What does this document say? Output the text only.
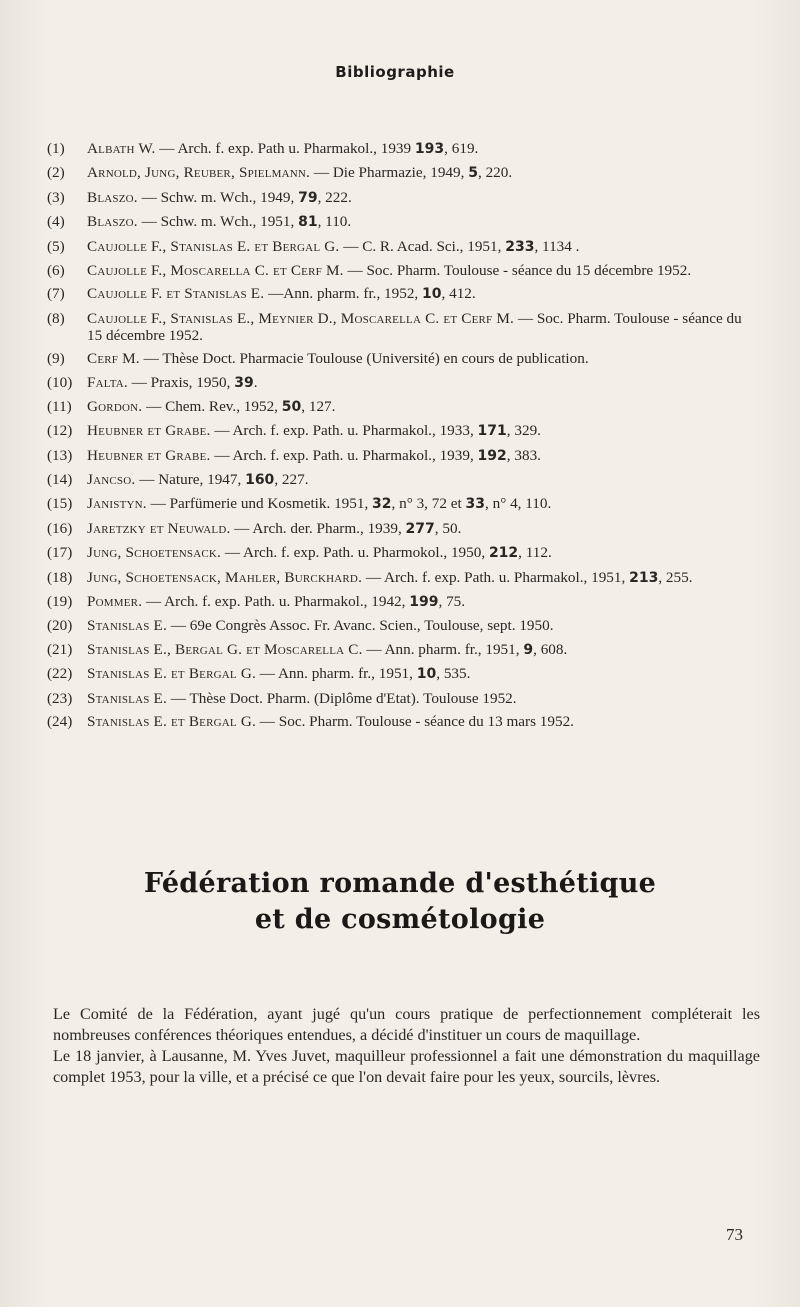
Bibliographie
(1) Albath W. — Arch. f. exp. Path u. Pharmakol., 1939 193, 619.
(2) Arnold, Jung, Reuber, Spielmann. — Die Pharmazie, 1949, 5, 220.
(3) Blaszo. — Schw. m. Wch., 1949, 79, 222.
(4) Blaszo. — Schw. m. Wch., 1951, 81, 110.
(5) Caujolle F., Stanislas E. et Bergal G. — C. R. Acad. Sci., 1951, 233, 1134 .
(6) Caujolle F., Moscarella C. et Cerf M. — Soc. Pharm. Toulouse - séance du 15 décembre 1952.
(7) Caujolle F. et Stanislas E. —Ann. pharm. fr., 1952, 10, 412.
(8) Caujolle F., Stanislas E., Meynier D., Moscarella C. et Cerf M. — Soc. Pharm. Toulouse - séance du 15 décembre 1952.
(9) Cerf M. — Thèse Doct. Pharmacie Toulouse (Université) en cours de publication.
(10) Falta. — Praxis, 1950, 39.
(11) Gordon. — Chem. Rev., 1952, 50, 127.
(12) Heubner et Grabe. — Arch. f. exp. Path. u. Pharmakol., 1933, 171, 329.
(13) Heubner et Grabe. — Arch. f. exp. Path. u. Pharmakol., 1939, 192, 383.
(14) Jancso. — Nature, 1947, 160, 227.
(15) Janistyn. — Parfümerie und Kosmetik. 1951, 32, n° 3, 72 et 33, n° 4, 110.
(16) Jaretzky et Neuwald. — Arch. der. Pharm., 1939, 277, 50.
(17) Jung, Schoetensack. — Arch. f. exp. Path. u. Pharmokol., 1950, 212, 112.
(18) Jung, Schoetensack, Mahler, Burckhard. — Arch. f. exp. Path. u. Pharmakol., 1951, 213, 255.
(19) Pommer. — Arch. f. exp. Path. u. Pharmakol., 1942, 199, 75.
(20) Stanislas E. — 69e Congrès Assoc. Fr. Avanc. Scien., Toulouse, sept. 1950.
(21) Stanislas E., Bergal G. et Moscarella C. — Ann. pharm. fr., 1951, 9, 608.
(22) Stanislas E. et Bergal G. — Ann. pharm. fr., 1951, 10, 535.
(23) Stanislas E. — Thèse Doct. Pharm. (Diplôme d'Etat). Toulouse 1952.
(24) Stanislas E. et Bergal G. — Soc. Pharm. Toulouse - séance du 13 mars 1952.
Fédération romande d'esthétique
et de cosmétologie

Le Comité de la Fédération, ayant jugé qu'un cours pratique de perfectionnement compléterait les nombreuses conférences théoriques entendues, a décidé d'instituer un cours de maquillage.

Le 18 janvier, à Lausanne, M. Yves Juvet, maquilleur professionnel a fait une démonstration du maquillage complet 1953, pour la ville, et a précisé ce que l'on devait faire pour les yeux, sourcils, lèvres.

73
